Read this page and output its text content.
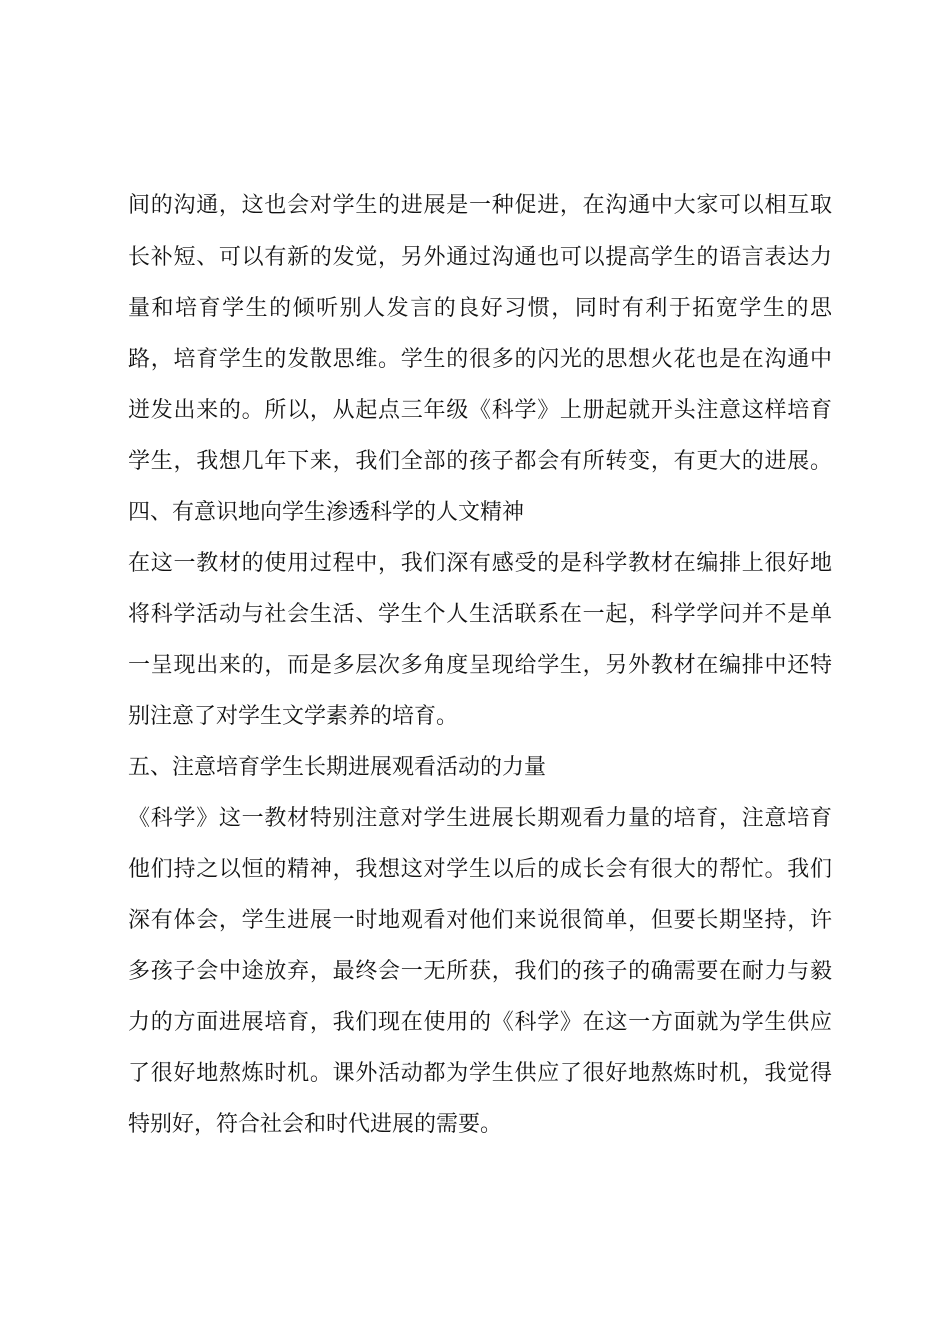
间的沟通，这也会对学生的进展是一种促进，在沟通中大家可以相互取
长补短、可以有新的发觉，另外通过沟通也可以提高学生的语言表达力
量和培育学生的倾听别人发言的良好习惯，同时有利于拓宽学生的思
路，培育学生的发散思维。学生的很多的闪光的思想火花也是在沟通中
迸发出来的。所以，从起点三年级《科学》上册起就开头注意这样培育
学生，我想几年下来，我们全部的孩子都会有所转变，有更大的进展。
四、有意识地向学生渗透科学的人文精神
在这一教材的使用过程中，我们深有感受的是科学教材在编排上很好地
将科学活动与社会生活、学生个人生活联系在一起，科学学问并不是单
一呈现出来的，而是多层次多角度呈现给学生，另外教材在编排中还特
别注意了对学生文学素养的培育。
五、注意培育学生长期进展观看活动的力量
《科学》这一教材特别注意对学生进展长期观看力量的培育，注意培育
他们持之以恒的精神，我想这对学生以后的成长会有很大的帮忙。我们
深有体会，学生进展一时地观看对他们来说很简单，但要长期坚持，许
多孩子会中途放弃，最终会一无所获，我们的孩子的确需要在耐力与毅
力的方面进展培育，我们现在使用的《科学》在这一方面就为学生供应
了很好地熬炼时机。课外活动都为学生供应了很好地熬炼时机，我觉得
特别好，符合社会和时代进展的需要。
